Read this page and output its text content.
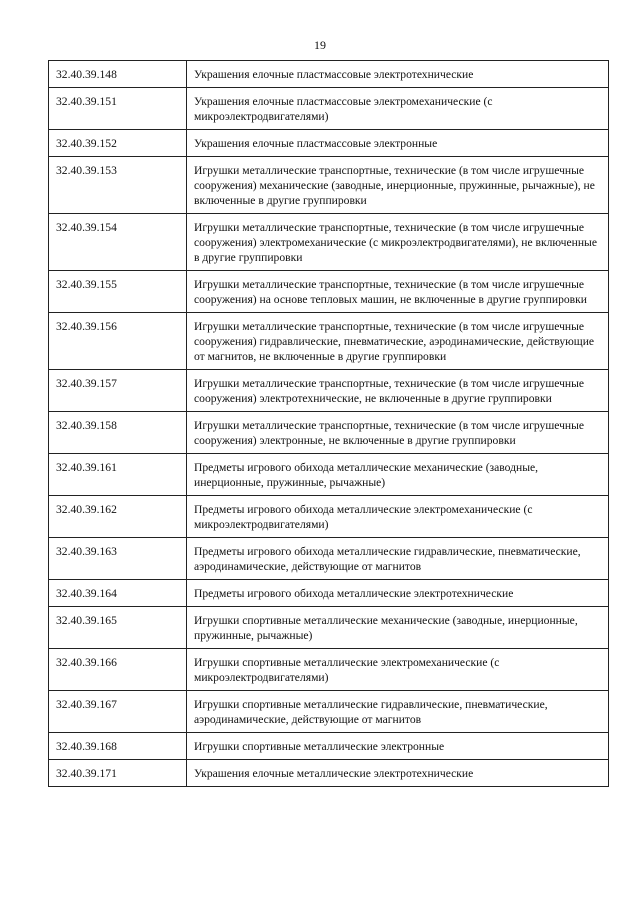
19
32.40.39.148	Украшения елочные пластмассовые электротехнические
32.40.39.151	Украшения елочные пластмассовые электромеханические (с микроэлектродвигателями)
32.40.39.152	Украшения елочные пластмассовые электронные
32.40.39.153	Игрушки металлические транспортные, технические (в том числе игрушечные сооружения) механические (заводные, инерционные, пружинные, рычажные), не включенные в другие группировки
32.40.39.154	Игрушки металлические транспортные, технические (в том числе игрушечные сооружения) электромеханические (с микроэлектродвигателями), не включенные в другие группировки
32.40.39.155	Игрушки металлические транспортные, технические (в том числе игрушечные сооружения) на основе тепловых машин, не включенные в другие группировки
32.40.39.156	Игрушки металлические транспортные, технические (в том числе игрушечные сооружения) гидравлические, пневматические, аэродинамические, действующие от магнитов, не включенные в другие группировки
32.40.39.157	Игрушки металлические транспортные, технические (в том числе игрушечные сооружения) электротехнические, не включенные в другие группировки
32.40.39.158	Игрушки металлические транспортные, технические (в том числе игрушечные сооружения) электронные, не включенные в другие группировки
32.40.39.161	Предметы игрового обихода металлические механические (заводные, инерционные, пружинные, рычажные)
32.40.39.162	Предметы игрового обихода металлические электромеханические (с микроэлектродвигателями)
32.40.39.163	Предметы игрового обихода металлические гидравлические, пневматические, аэродинамические, действующие от магнитов
32.40.39.164	Предметы игрового обихода металлические электротехнические
32.40.39.165	Игрушки спортивные металлические механические (заводные, инерционные, пружинные, рычажные)
32.40.39.166	Игрушки спортивные металлические электромеханические (с микроэлектродвигателями)
32.40.39.167	Игрушки спортивные металлические гидравлические, пневматические, аэродинамические, действующие от магнитов
32.40.39.168	Игрушки спортивные металлические электронные
32.40.39.171	Украшения елочные металлические электротехнические
